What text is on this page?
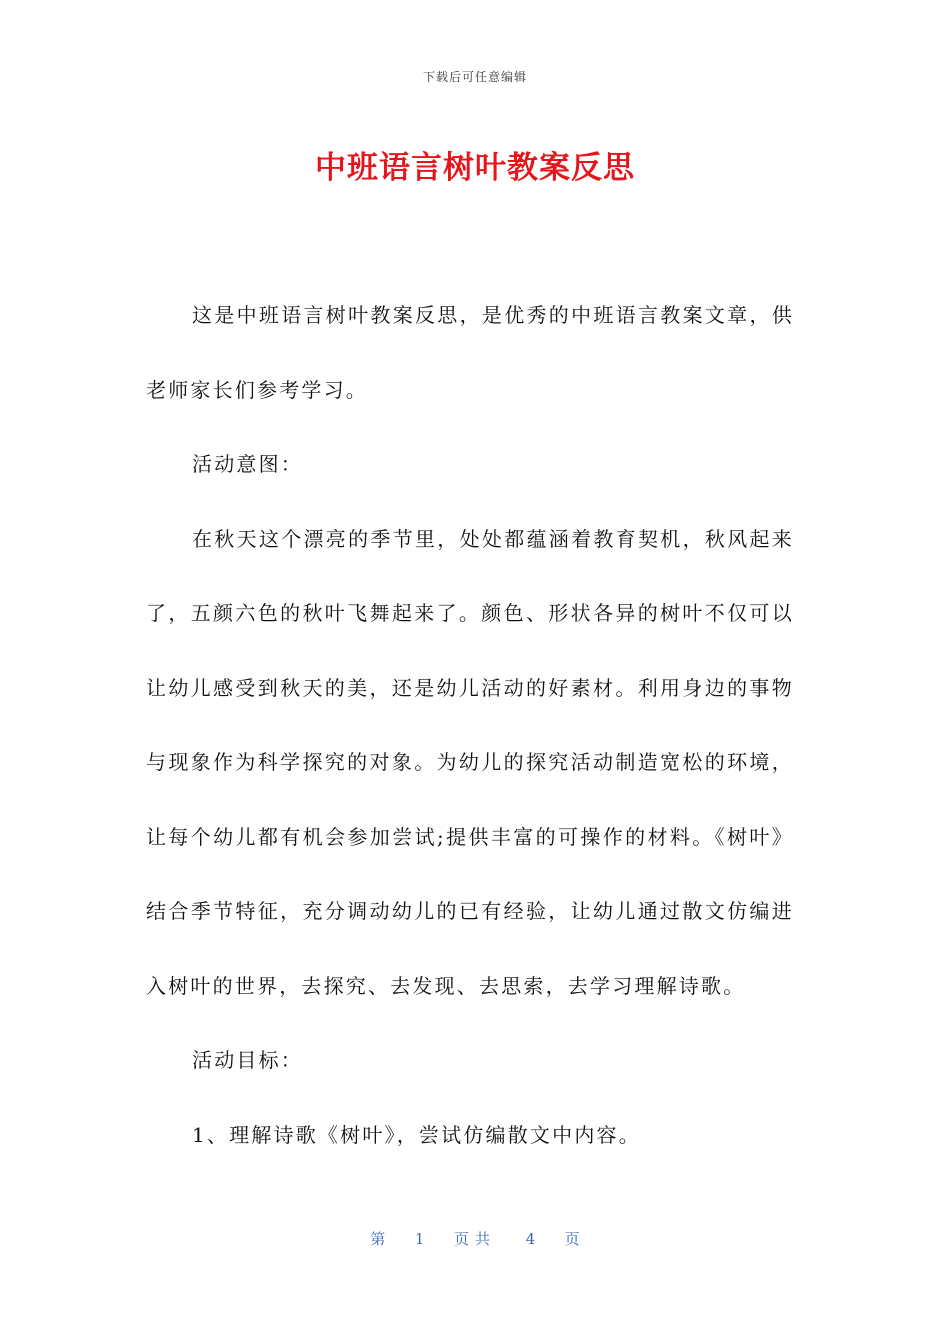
下载后可任意编辑
中班语言树叶教案反思

这是中班语言树叶教案反思，是优秀的中班语言教案文章，供老师家长们参考学习。

活动意图：

在秋天这个漂亮的季节里，处处都蕴涵着教育契机，秋风起来了，五颜六色的秋叶飞舞起来了。颜色、形状各异的树叶不仅可以让幼儿感受到秋天的美，还是幼儿活动的好素材。利用身边的事物与现象作为科学探究的对象。为幼儿的探究活动制造宽松的环境，让每个幼儿都有机会参加尝试;提供丰富的可操作的材料。《树叶》结合季节特征，充分调动幼儿的已有经验，让幼儿通过散文仿编进入树叶的世界，去探究、去发现、去思索，去学习理解诗歌。

活动目标：

1、理解诗歌《树叶》，尝试仿编散文中内容。

第 1 页共 4 页
